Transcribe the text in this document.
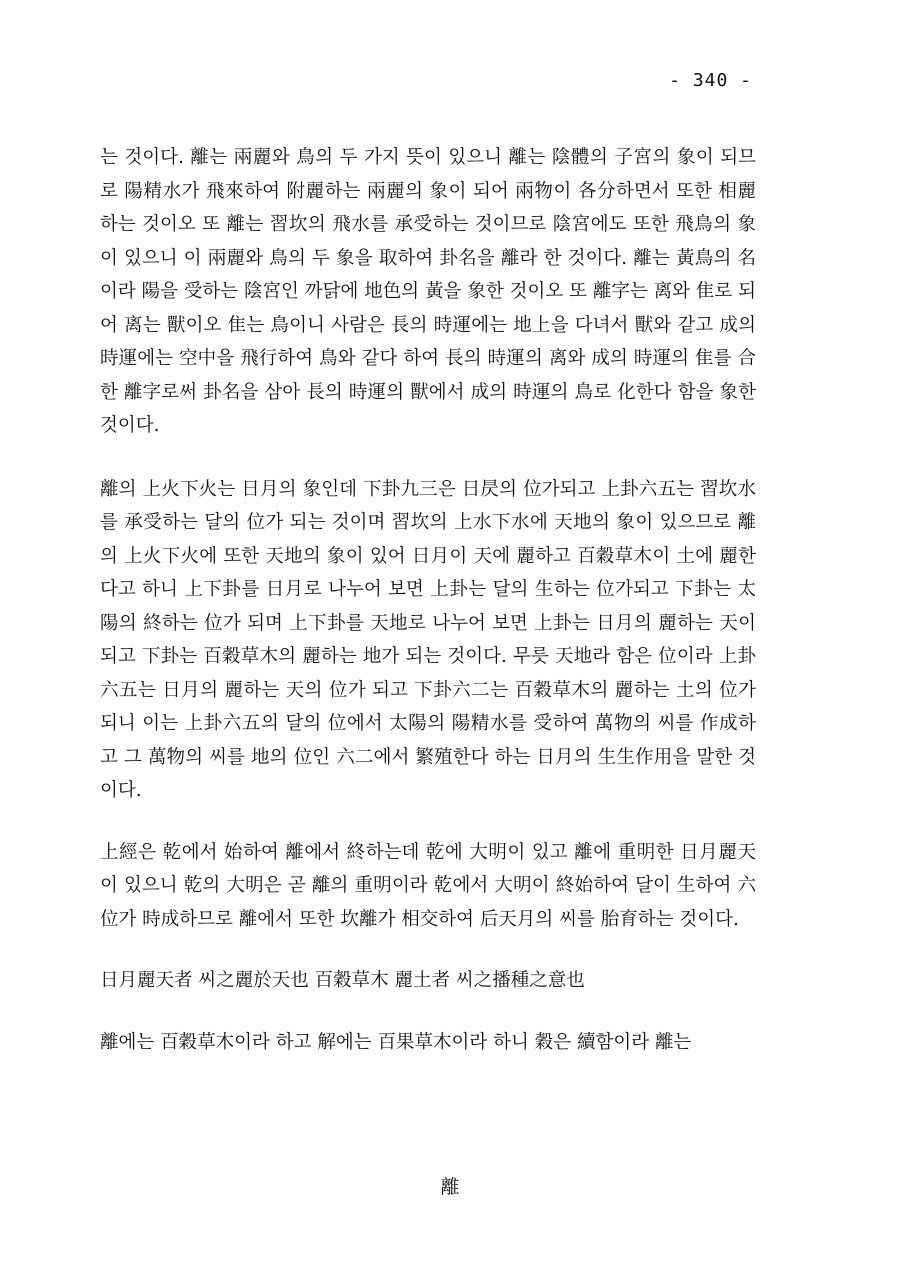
- 340 -

는 것이다. 離는 兩麗와 鳥의 두 가지 뜻이 있으니 離는 陰體의 子宮의 象이 되므로 陽精水가 飛來하여 附麗하는 兩麗의 象이 되어 兩物이 各分하면서 또한 相麗하는 것이오 또 離는 習坎의 飛水를 承受하는 것이므로 陰宮에도 또한 飛鳥의 象이 있으니 이 兩麗와 鳥의 두 象을 取하여 卦名을 離라 한 것이다. 離는 黃鳥의 名이라 陽을 受하는 陰宮인 까닭에 地色의 黃을 象한 것이오 또 離字는 离와 隹로 되어 离는 獸이오 隹는 鳥이니 사람은 長의 時運에는 地上을 다녀서 獸와 같고 成의 時運에는 空中을 飛行하여 鳥와 같다 하여 長의 時運의 离와 成의 時運의 隹를 合한 離字로써 卦名을 삼아 長의 時運의 獸에서 成의 時運의 鳥로 化한다 함을 象한 것이다.

離의 上火下火는 日月의 象인데 下卦九三은 日昃의 位가되고 上卦六五는 習坎水를 承受하는 달의 位가 되는 것이며 習坎의 上水下水에 天地의 象이 있으므로 離의 上火下火에 또한 天地의 象이 있어 日月이 天에 麗하고 百穀草木이 土에 麗한다고 하니 上下卦를 日月로 나누어 보면 上卦는 달의 生하는 位가되고 下卦는 太陽의 終하는 位가 되며 上下卦를 天地로 나누어 보면 上卦는 日月의 麗하는 天이 되고 下卦는 百穀草木의 麗하는 地가 되는 것이다. 무릇 天地라 함은 位이라 上卦六五는 日月의 麗하는 天의 位가 되고 下卦六二는 百穀草木의 麗하는 土의 位가되니 이는 上卦六五의 달의 位에서 太陽의 陽精水를 受하여 萬物의 씨를 作成하고 그 萬物의 씨를 地의 位인 六二에서 繁殖한다 하는 日月의 生生作用을 말한 것이다.

上經은 乾에서 始하여 離에서 終하는데 乾에 大明이 있고 離에 重明한 日月麗天이 있으니 乾의 大明은 곧 離의 重明이라 乾에서 大明이 終始하여 달이 生하여 六位가 時成하므로 離에서 또한 坎離가 相交하여 后天月의 씨를 胎育하는 것이다.

日月麗天者 씨之麗於天也 百穀草木 麗土者 씨之播種之意也

離에는 百穀草木이라 하고 解에는 百果草木이라 하니 穀은 續함이라 離는

離
